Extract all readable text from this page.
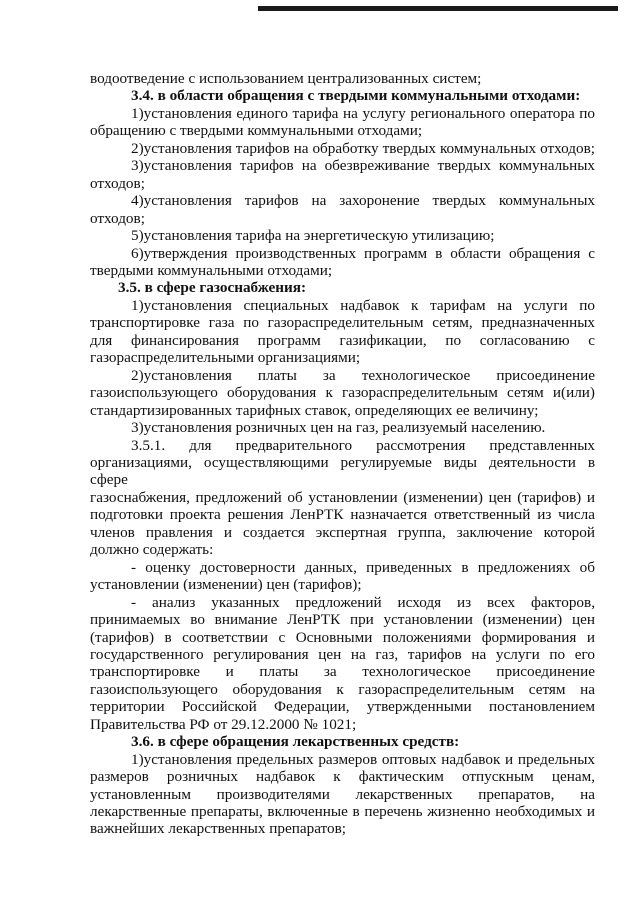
водоотведение с использованием централизованных систем;
3.4. в области обращения с твердыми коммунальными отходами:
1)установления единого тарифа на услугу регионального оператора по
обращению с твердыми коммунальными отходами;
2)установления тарифов на обработку твердых коммунальных отходов;
3)установления тарифов на обезвреживание твердых коммунальных
отходов;
4)установления тарифов на захоронение твердых коммунальных
отходов;
5)установления тарифа на энергетическую утилизацию;
6)утверждения производственных программ в области обращения с
твердыми коммунальными отходами;
3.5. в сфере газоснабжения:
1)установления специальных надбавок к тарифам на услуги по
транспортировке газа по газораспределительным сетям, предназначенных
для финансирования программ газификации, по согласованию с
газораспределительными организациями;
2)установления платы за технологическое присоединение
газоиспользующего оборудования к газораспределительным сетям и(или)
стандартизированных тарифных ставок, определяющих ее величину;
3)установления розничных цен на газ, реализуемый населению.
3.5.1. для предварительного рассмотрения представленных
организациями, осуществляющими регулируемые виды деятельности в сфере
газоснабжения, предложений об установлении (изменении) цен (тарифов) и
подготовки проекта решения ЛенРТК назначается ответственный из числа
членов правления и создается экспертная группа, заключение которой
должно содержать:
- оценку достоверности данных, приведенных в предложениях об
установлении (изменении) цен (тарифов);
- анализ указанных предложений исходя из всех факторов,
принимаемых во внимание ЛенРТК при установлении (изменении) цен
(тарифов) в соответствии с Основными положениями формирования и
государственного регулирования цен на газ, тарифов на услуги по его
транспортировке и платы за технологическое присоединение
газоиспользующего оборудования к газораспределительным сетям на
территории Российской Федерации, утвержденными постановлением
Правительства РФ от 29.12.2000 № 1021;
3.6. в сфере обращения лекарственных средств:
1)установления предельных размеров оптовых надбавок и предельных
размеров розничных надбавок к фактическим отпускным ценам,
установленным производителями лекарственных препаратов, на
лекарственные препараты, включенные в перечень жизненно необходимых и
важнейших лекарственных препаратов;
